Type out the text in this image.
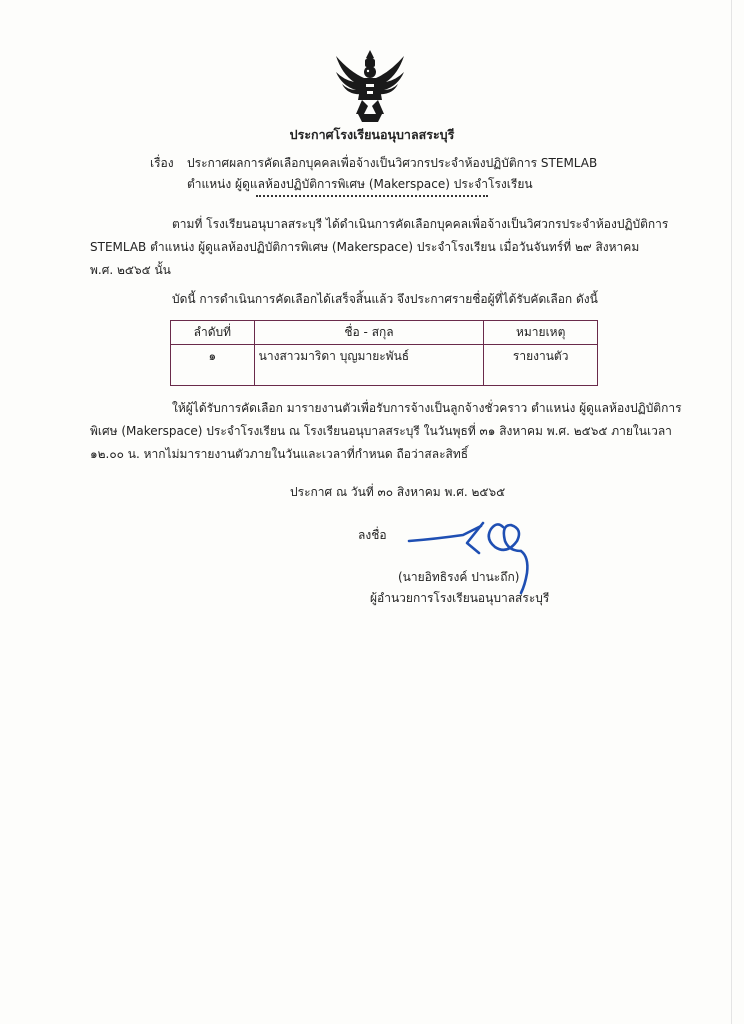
ประกาศโรงเรียนอนุบาลสระบุรี
เรื่อง ประกาศผลการคัดเลือกบุคคลเพื่อจ้างเป็นวิศวกรประจำห้องปฏิบัติการ STEMLAB
ตำแหน่ง ผู้ดูแลห้องปฏิบัติการพิเศษ (Makerspace) ประจำโรงเรียน
ตามที่ โรงเรียนอนุบาลสระบุรี ได้ดำเนินการคัดเลือกบุคคลเพื่อจ้างเป็นวิศวกรประจำห้องปฏิบัติการ
STEMLAB ตำแหน่ง ผู้ดูแลห้องปฏิบัติการพิเศษ (Makerspace) ประจำโรงเรียน เมื่อวันจันทร์ที่ ๒๙ สิงหาคม
พ.ศ. ๒๕๖๕ นั้น
บัดนี้ การดำเนินการคัดเลือกได้เสร็จสิ้นแล้ว จึงประกาศรายชื่อผู้ที่ได้รับคัดเลือก ดังนี้
ลำดับที่	ชื่อ - สกุล	หมายเหตุ
๑	นางสาวมาริดา บุญมายะพันธ์	รายงานตัว
ให้ผู้ได้รับการคัดเลือก มารายงานตัวเพื่อรับการจ้างเป็นลูกจ้างชั่วคราว ตำแหน่ง ผู้ดูแลห้องปฏิบัติการ
พิเศษ (Makerspace) ประจำโรงเรียน ณ โรงเรียนอนุบาลสระบุรี ในวันพุธที่ ๓๑ สิงหาคม พ.ศ. ๒๕๖๕ ภายในเวลา
๑๒.๐๐ น. หากไม่มารายงานตัวภายในวันและเวลาที่กำหนด ถือว่าสละสิทธิ์
ประกาศ ณ วันที่ ๓๐ สิงหาคม พ.ศ. ๒๕๖๕
ลงชื่อ
(นายอิทธิรงค์ ปานะถึก)
ผู้อำนวยการโรงเรียนอนุบาลสระบุรี
